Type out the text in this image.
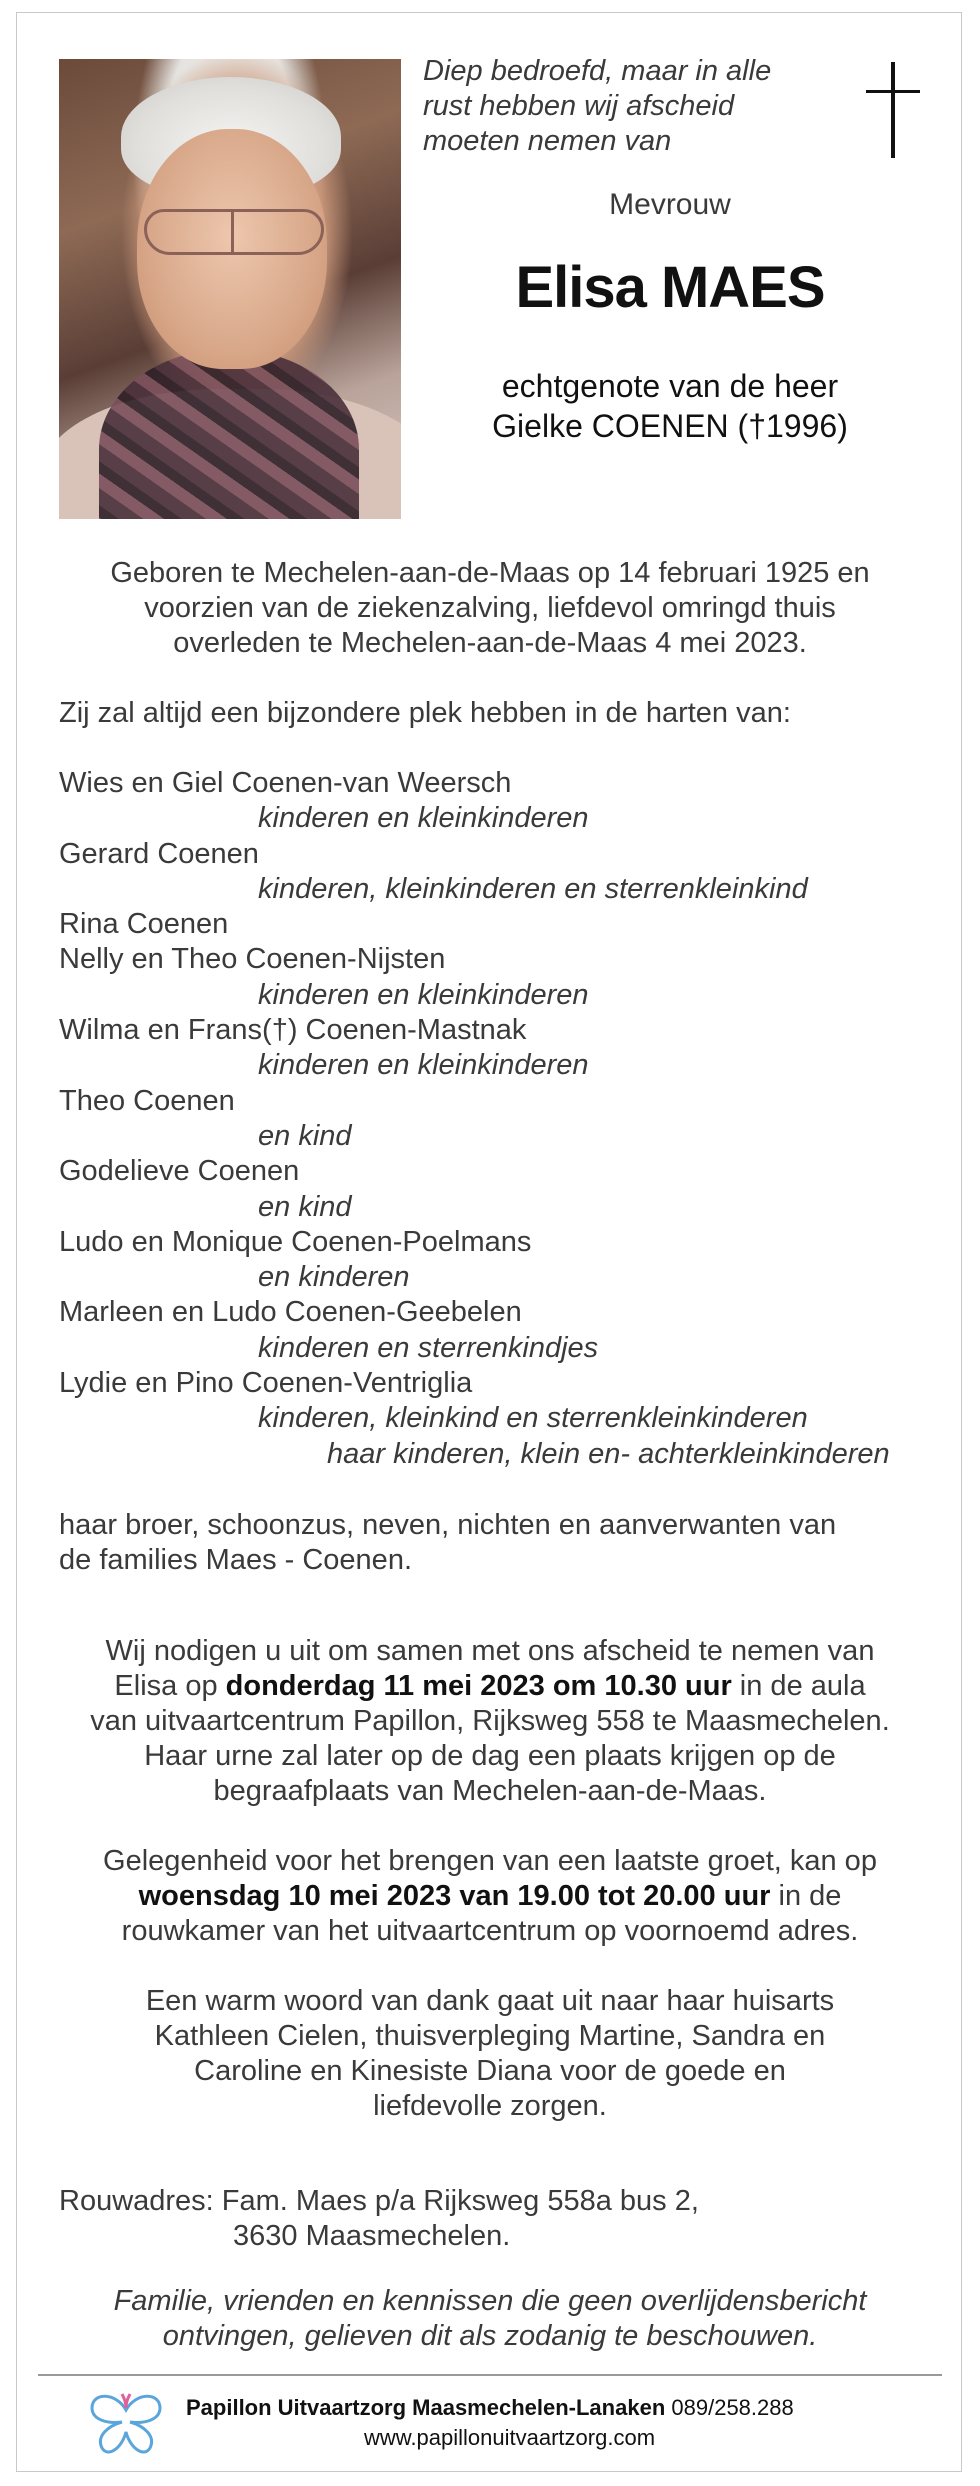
Diep bedroefd, maar in alle
rust hebben wij afscheid
moeten nemen van
Mevrouw
Elisa MAES
echtgenote van de heer
Gielke COENEN (†1996)
Geboren te Mechelen-aan-de-Maas op 14 februari 1925 en
voorzien van de ziekenzalving, liefdevol omringd thuis
overleden te Mechelen-aan-de-Maas 4 mei 2023.
Zij zal altijd een bijzondere plek hebben in de harten van:
Wies en Giel Coenen-van Weersch
kinderen en kleinkinderen
Gerard Coenen
kinderen, kleinkinderen en sterrenkleinkind
Rina Coenen
Nelly en Theo Coenen-Nijsten
kinderen en kleinkinderen
Wilma en Frans(†) Coenen-Mastnak
kinderen en kleinkinderen
Theo Coenen
en kind
Godelieve Coenen
en kind
Ludo en Monique Coenen-Poelmans
en kinderen
Marleen en Ludo Coenen-Geebelen
kinderen en sterrenkindjes
Lydie en Pino Coenen-Ventriglia
kinderen, kleinkind en sterrenkleinkinderen
haar kinderen, klein en- achterkleinkinderen
haar broer, schoonzus, neven, nichten en aanverwanten van
de families Maes - Coenen.
Wij nodigen u uit om samen met ons afscheid te nemen van
Elisa op donderdag 11 mei 2023 om 10.30 uur in de aula
van uitvaartcentrum Papillon, Rijksweg 558 te Maasmechelen.
Haar urne zal later op de dag een plaats krijgen op de
begraafplaats van Mechelen-aan-de-Maas.
Gelegenheid voor het brengen van een laatste groet, kan op
woensdag 10 mei 2023 van 19.00 tot 20.00 uur in de
rouwkamer van het uitvaartcentrum op voornoemd adres.
Een warm woord van dank gaat uit naar haar huisarts
Kathleen Cielen, thuisverpleging Martine, Sandra en
Caroline en Kinesiste Diana voor de goede en
liefdevolle zorgen.
Rouwadres: Fam. Maes p/a Rijksweg 558a bus 2,
3630 Maasmechelen.
Familie, vrienden en kennissen die geen overlijdensbericht
ontvingen, gelieven dit als zodanig te beschouwen.
Papillon Uitvaartzorg Maasmechelen-Lanaken 089/258.288
www.papillonuitvaartzorg.com
